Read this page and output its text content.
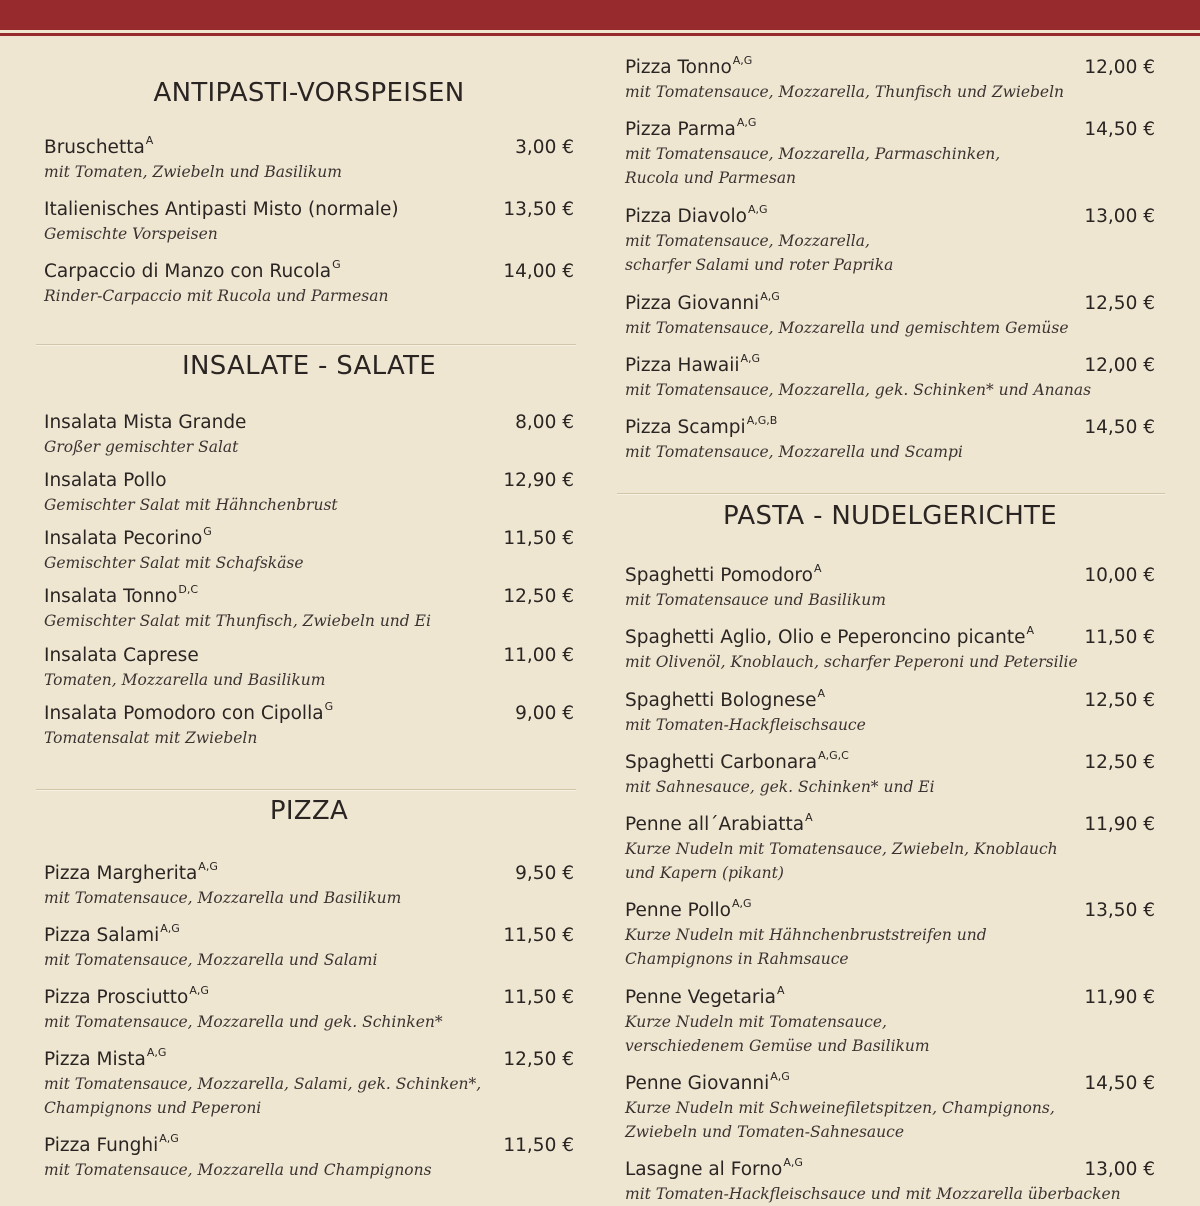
ANTIPASTI-VORSPEISEN
Bruschetta$^A$	3,00 €
mit Tomaten, Zwiebeln und Basilikum
Italienisches Antipasti Misto (normale)	13,50 €
Gemischte Vorspeisen
Carpaccio di Manzo con Rucola$^G$	14,00 €
Rinder-Carpaccio mit Rucola und Parmesan
INSALATE - SALATE
Insalata Mista Grande	8,00 €
Großer gemischter Salat
Insalata Pollo	12,90 €
Gemischter Salat mit Hähnchenbrust
Insalata Pecorino$^G$	11,50 €
Gemischter Salat mit Schafskäse
Insalata Tonno$^{D,C}$	12,50 €
Gemischter Salat mit Thunfisch, Zwiebeln und Ei
Insalata Caprese	11,00 €
Tomaten, Mozzarella und Basilikum
Insalata Pomodoro con Cipolla$^G$	9,00 €
Tomatensalat mit Zwiebeln
PIZZA
Pizza Margherita$^{A,G}$	9,50 €
mit Tomatensauce, Mozzarella und Basilikum
Pizza Salami$^{A,G}$	11,50 €
mit Tomatensauce, Mozzarella und Salami
Pizza Prosciutto$^{A,G}$	11,50 €
mit Tomatensauce, Mozzarella und gek. Schinken*
Pizza Mista$^{A,G}$	12,50 €
mit Tomatensauce, Mozzarella, Salami, gek. Schinken*,
Champignons und Peperoni
Pizza Funghi$^{A,G}$	11,50 €
mit Tomatensauce, Mozzarella und Champignons
Pizza Tonno$^{A,G}$	12,00 €
mit Tomatensauce, Mozzarella, Thunfisch und Zwiebeln
Pizza Parma$^{A,G}$	14,50 €
mit Tomatensauce, Mozzarella, Parmaschinken,
Rucola und Parmesan
Pizza Diavolo$^{A,G}$	13,00 €
mit Tomatensauce, Mozzarella,
scharfer Salami und roter Paprika
Pizza Giovanni$^{A,G}$	12,50 €
mit Tomatensauce, Mozzarella und gemischtem Gemüse
Pizza Hawaii$^{A,G}$	12,00 €
mit Tomatensauce, Mozzarella, gek. Schinken* und Ananas
Pizza Scampi$^{A,G,B}$	14,50 €
mit Tomatensauce, Mozzarella und Scampi
PASTA - NUDELGERICHTE
Spaghetti Pomodoro$^A$	10,00 €
mit Tomatensauce und Basilikum
Spaghetti Aglio, Olio e Peperoncino picante$^A$	11,50 €
mit Olivenöl, Knoblauch, scharfer Peperoni und Petersilie
Spaghetti Bolognese$^A$	12,50 €
mit Tomaten-Hackfleischsauce
Spaghetti Carbonara$^{A,G,C}$	12,50 €
mit Sahnesauce, gek. Schinken* und Ei
Penne all´Arabiatta$^A$	11,90 €
Kurze Nudeln mit Tomatensauce, Zwiebeln, Knoblauch
und Kapern (pikant)
Penne Pollo$^{A,G}$	13,50 €
Kurze Nudeln mit Hähnchenbruststreifen und
Champignons in Rahmsauce
Penne Vegetaria$^A$	11,90 €
Kurze Nudeln mit Tomatensauce,
verschiedenem Gemüse und Basilikum
Penne Giovanni$^{A,G}$	14,50 €
Kurze Nudeln mit Schweinefiletspitzen, Champignons,
Zwiebeln und Tomaten-Sahnesauce
Lasagne al Forno$^{A,G}$	13,00 €
mit Tomaten-Hackfleischsauce und mit Mozzarella überbacken
